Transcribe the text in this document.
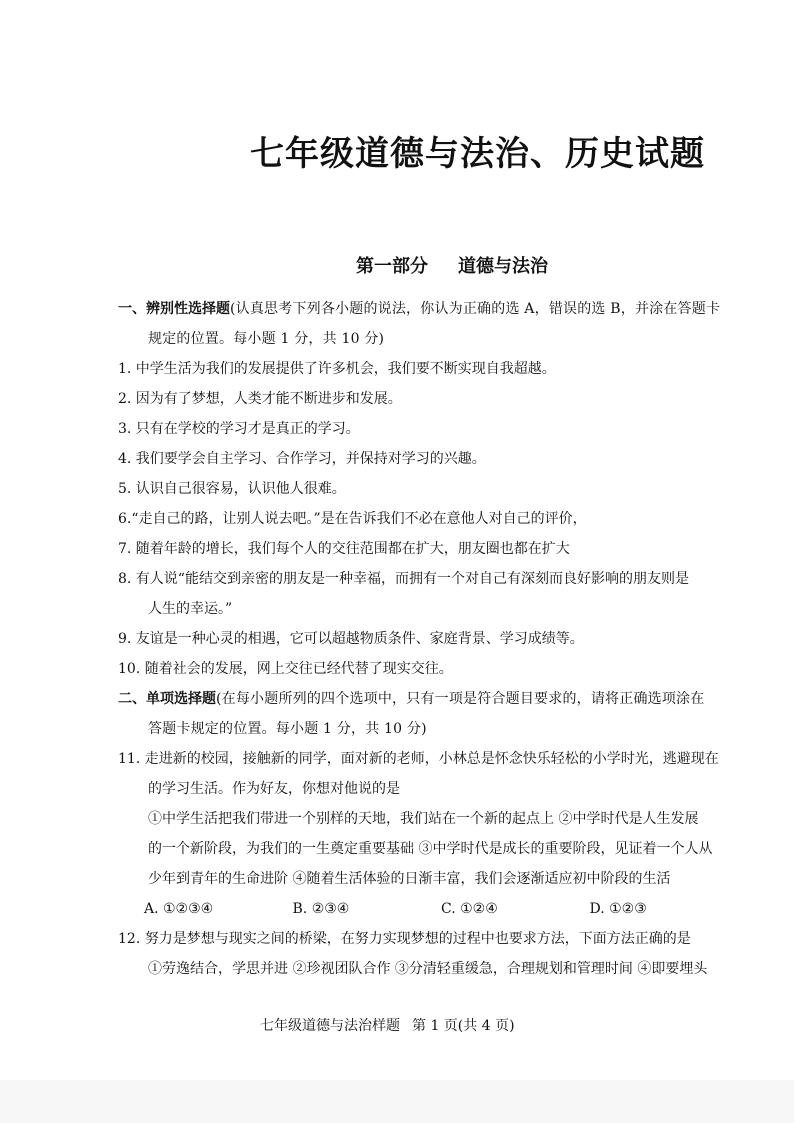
七年级道德与法治、历史试题
第一部分 道德与法治
一、辨别性选择题(认真思考下列各小题的说法，你认为正确的选 A，错误的选 B，并涂在答题卡
规定的位置。每小题 1 分，共 10 分)
1. 中学生活为我们的发展提供了许多机会，我们要不断实现自我超越。
2. 因为有了梦想，人类才能不断进步和发展。
3. 只有在学校的学习才是真正的学习。
4. 我们要学会自主学习、合作学习，并保持对学习的兴趣。
5. 认识自己很容易，认识他人很难。
6.“走自己的路，让别人说去吧。”是在告诉我们不必在意他人对自己的评价，
7. 随着年龄的增长，我们每个人的交往范围都在扩大，朋友圈也都在扩大
8. 有人说“能结交到亲密的朋友是一种幸福，而拥有一个对自己有深刻而良好影响的朋友则是
人生的幸运。”
9. 友谊是一种心灵的相遇，它可以超越物质条件、家庭背景、学习成绩等。
10. 随着社会的发展，网上交往已经代替了现实交往。
二、单项选择题(在每小题所列的四个选项中，只有一项是符合题目要求的，请将正确选项涂在
答题卡规定的位置。每小题 1 分，共 10 分)
11. 走进新的校园，接触新的同学，面对新的老师，小林总是怀念快乐轻松的小学时光，逃避现在
的学习生活。作为好友，你想对他说的是
①中学生活把我们带进一个别样的天地，我们站在一个新的起点上 ②中学时代是人生发展
的一个新阶段，为我们的一生奠定重要基础 ③中学时代是成长的重要阶段，见证着一个人从
少年到青年的生命进阶 ④随着生活体验的日渐丰富，我们会逐渐适应初中阶段的生活
A. ①②③④	B. ②③④	C. ①②④	D. ①②③
12. 努力是梦想与现实之间的桥梁，在努力实现梦想的过程中也要求方法，下面方法正确的是
①劳逸结合，学思并进 ②珍视团队合作 ③分清轻重缓急，合理规划和管理时间 ④即要埋头
七年级道德与法治样题 第 1 页(共 4 页)
